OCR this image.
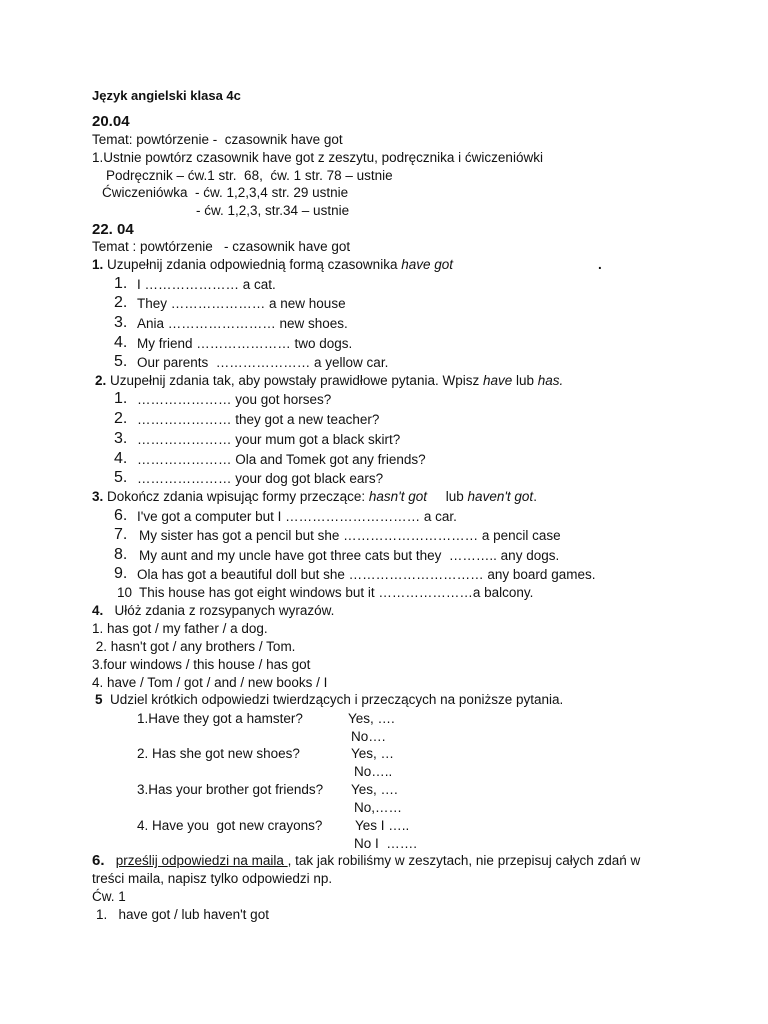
Język angielski klasa 4c
20.04
Temat: powtórzenie -  czasownik have got
1.Ustnie powtórz czasownik have got z zeszytu, podręcznika i ćwiczeniówki
Podręcznik – ćw.1 str.  68,  ćw. 1 str. 78 – ustnie
Ćwiczeniówka  - ćw. 1,2,3,4 str. 29 ustnie
- ćw. 1,2,3, str.34 – ustnie
22. 04
Temat : powtórzenie   - czasownik have got
1. Uzupełnij zdania odpowiednią formą czasownika have got	.
1. I ………………… a cat.
2. They ………………… a new house
3. Ania …………………… new shoes.
4. My friend ………………… two dogs.
5. Our parents  ………………… a yellow car.
2. Uzupełnij zdania tak, aby powstały prawidłowe pytania. Wpisz have lub has.
1. ………………… you got horses?
2. ………………… they got a new teacher?
3. ………………… your mum got a black skirt?
4. ………………… Ola and Tomek got any friends?
5. ………………… your dog got black ears?
3. Dokończ zdania wpisując formy przeczące: hasn't got     lub haven't got.
6. I've got a computer but I ………………………… a car.
7. My sister has got a pencil but she ………………………… a pencil case
8. My aunt and my uncle have got three cats but they  ……….. any dogs.
9. Ola has got a beautiful doll but she ………………………… any board games.
10 This house has got eight windows but it …………………a balcony.
4. Ułóż zdania z rozsypanych wyrazów.
1. has got / my father / a dog.
2. hasn't got / any brothers / Tom.
3.four windows / this house / has got
4. have / Tom / got / and / new books / I
5 Udziel krótkich odpowiedzi twierdzących i przeczących na poniższe pytania.
1.Have they got a hamster?	Yes, ….
No….
2. Has she got new shoes?	Yes, …
No…..
3.Has your brother got friends? Yes, ….
No,……
4. Have you  got new crayons? Yes I …..
No I  …….
6. prześlij odpowiedzi na maila , tak jak robiliśmy w zeszytach, nie przepisuj całych zdań w
treści maila, napisz tylko odpowiedzi np.
Ćw. 1
1.   have got / lub haven't got
